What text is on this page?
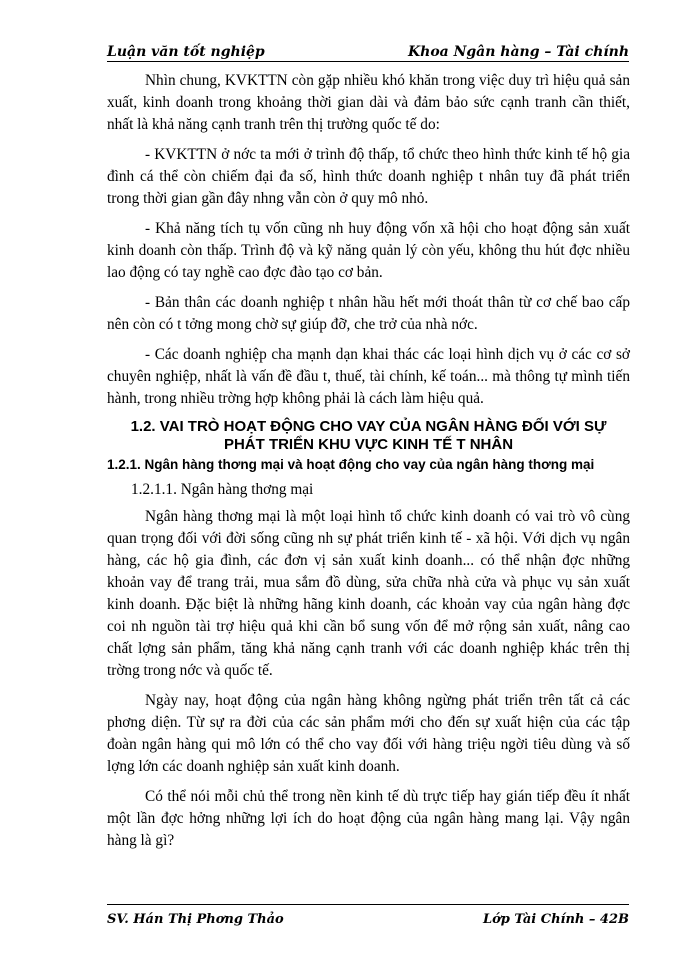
Luận văn tốt nghiệp	Khoa Ngân hàng – Tài chính

Nhìn chung, KVKTTN còn gặp nhiều khó khăn trong việc duy trì hiệu quả sản xuất, kinh doanh trong khoảng thời gian dài và đảm bảo sức cạnh tranh cần thiết, nhất là khả năng cạnh tranh trên thị trường quốc tế do:

- KVKTTN ở nớc ta mới ở trình độ thấp, tổ chức theo hình thức kinh tế hộ gia đình cá thể còn chiếm đại đa số, hình thức doanh nghiệp t nhân tuy đã phát triển trong thời gian gần đây nhng vẫn còn ở quy mô nhỏ.

- Khả năng tích tụ vốn cũng nh huy động vốn xã hội cho hoạt động sản xuất kinh doanh còn thấp. Trình độ và kỹ năng quản lý còn yếu, không thu hút đợc nhiều lao động có tay nghề cao đợc đào tạo cơ bản.

- Bản thân các doanh nghiệp t nhân hầu hết mới thoát thân từ cơ chế bao cấp nên còn có t tởng mong chờ sự giúp đỡ, che trở của nhà nớc.

- Các doanh nghiệp cha mạnh dạn khai thác các loại hình dịch vụ ở các cơ sở chuyên nghiệp, nhất là vấn đề đầu t, thuế, tài chính, kế toán... mà thông tự mình tiến hành, trong nhiều trờng hợp không phải là cách làm hiệu quả.

1.2. VAI TRÒ HOẠT ĐỘNG CHO VAY CỦA NGÂN HÀNG ĐỐI VỚI SỰ
PHÁT TRIỂN KHU VỰC KINH TẾ T NHÂN
1.2.1. Ngân hàng thơng mại và hoạt động cho vay của ngân hàng thơng mại
1.2.1.1. Ngân hàng thơng mại

Ngân hàng thơng mại là một loại hình tổ chức kinh doanh có vai trò vô cùng quan trọng đối với đời sống cũng nh sự phát triển kinh tế - xã hội. Với dịch vụ ngân hàng, các hộ gia đình, các đơn vị sản xuất kinh doanh... có thể nhận đợc những khoản vay để trang trải, mua sắm đồ dùng, sửa chữa nhà cửa và phục vụ sản xuất kinh doanh. Đặc biệt là những hãng kinh doanh, các khoản vay của ngân hàng đợc coi nh nguồn tài trợ hiệu quả khi cần bổ sung vốn để mở rộng sản xuất, nâng cao chất lợng sản phẩm, tăng khả năng cạnh tranh với các doanh nghiệp khác trên thị trờng trong nớc và quốc tế.

Ngày nay, hoạt động của ngân hàng không ngừng phát triển trên tất cả các phơng diện. Từ sự ra đời của các sản phẩm mới cho đến sự xuất hiện của các tập đoàn ngân hàng qui mô lớn có thể cho vay đối với hàng triệu ngời tiêu dùng và số lợng lớn các doanh nghiệp sản xuất kinh doanh.

Có thể nói mỗi chủ thể trong nền kinh tế dù trực tiếp hay gián tiếp đều ít nhất một lần đợc hởng những lợi ích do hoạt động của ngân hàng mang lại. Vậy ngân hàng là gì?

SV. Hán Thị Phơng Thảo	Lớp Tài Chính – 42B
